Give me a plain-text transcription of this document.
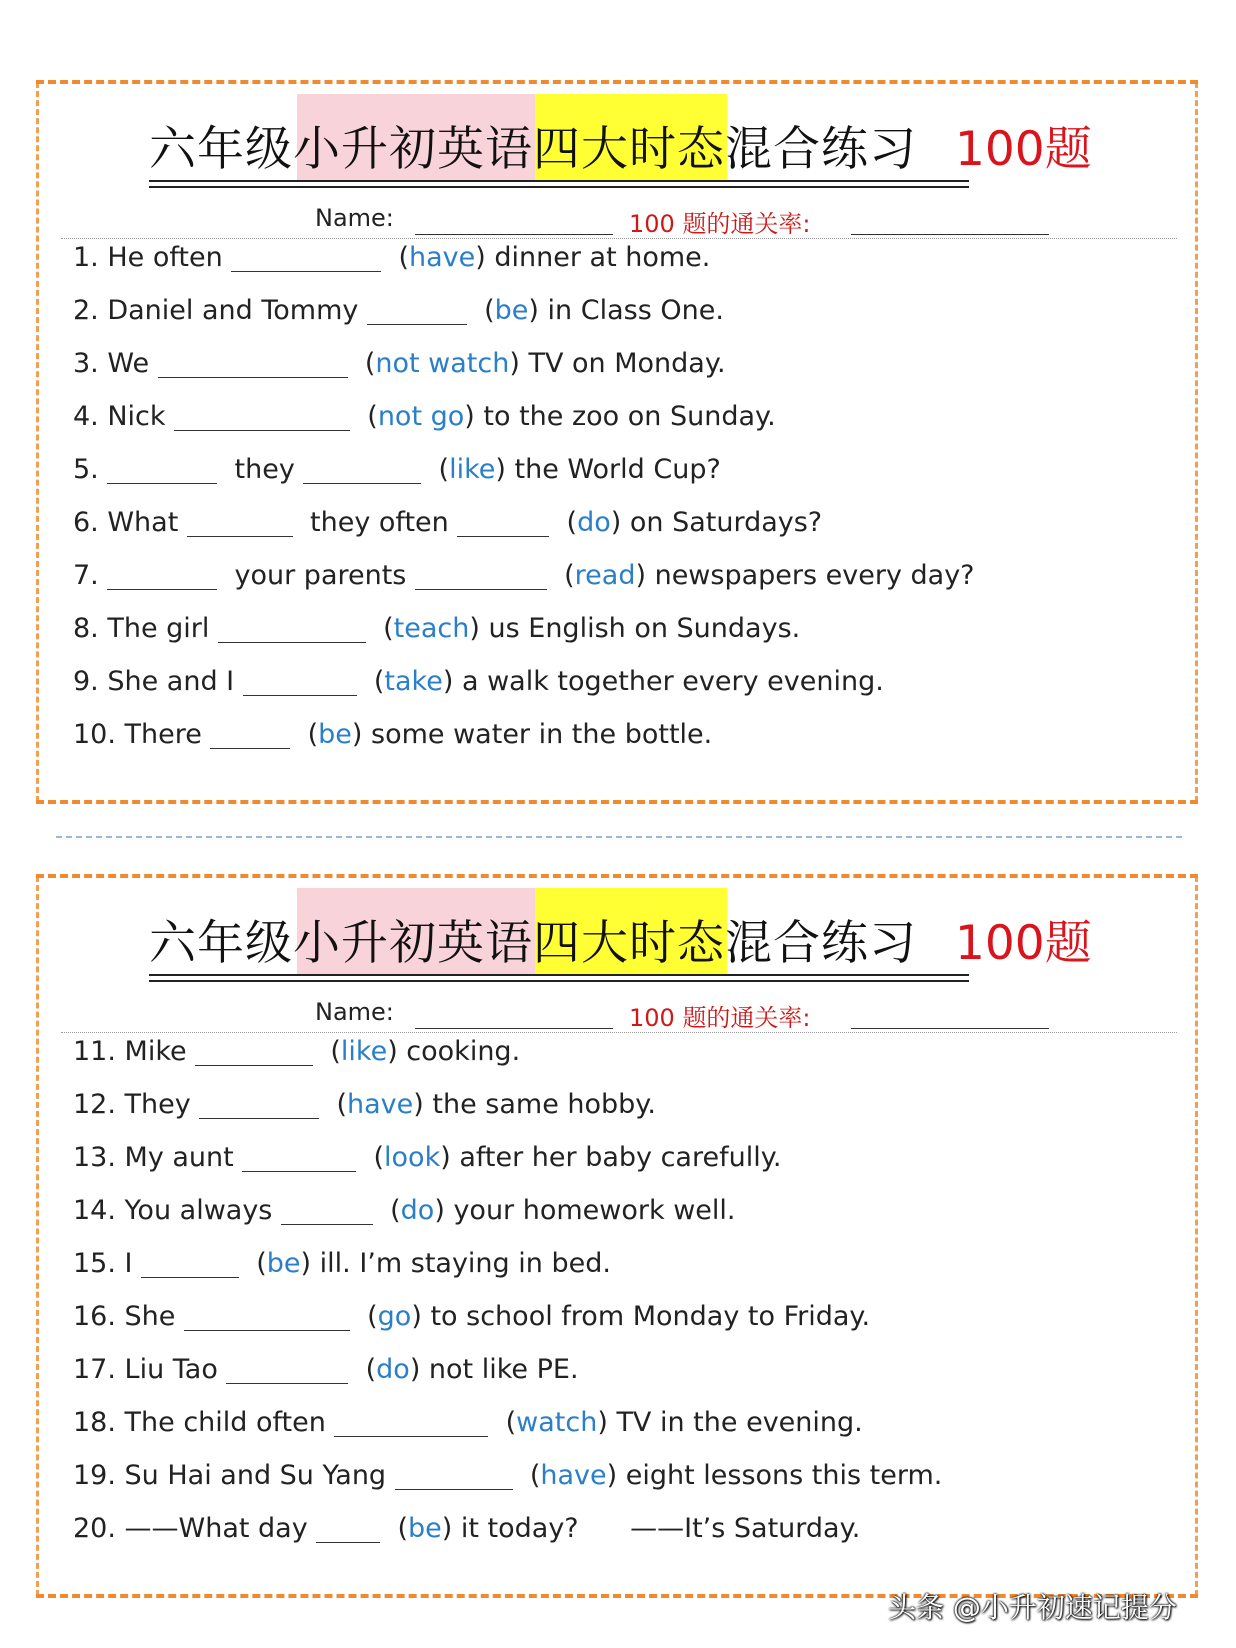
六年级小升初英语四大时态混合练习 100题
Name:	100 题的通关率:
1. He often	(have) dinner at home.
2. Daniel and Tommy	(be) in Class One.
3. We	(not watch) TV on Monday.
4. Nick	(not go) to the zoo on Sunday.
5.	they	(like) the World Cup?
6. What	they often	(do) on Saturdays?
7.	your parents	(read) newspapers every day?
8. The girl	(teach) us English on Sundays.
9. She and I	(take) a walk together every evening.
10. There	(be) some water in the bottle.
六年级小升初英语四大时态混合练习 100题
Name:	100 题的通关率:
11. Mike	(like) cooking.
12. They	(have) the same hobby.
13. My aunt	(look) after her baby carefully.
14. You always	(do) your homework well.
15. I	(be) ill. I’m staying in bed.
16. She	(go) to school from Monday to Friday.
17. Liu Tao	(do) not like PE.
18. The child often	(watch) TV in the evening.
19. Su Hai and Su Yang	(have) eight lessons this term.
20. ——What day   (be) it today?      ——It’s Saturday.
头条 @小升初速记提分
